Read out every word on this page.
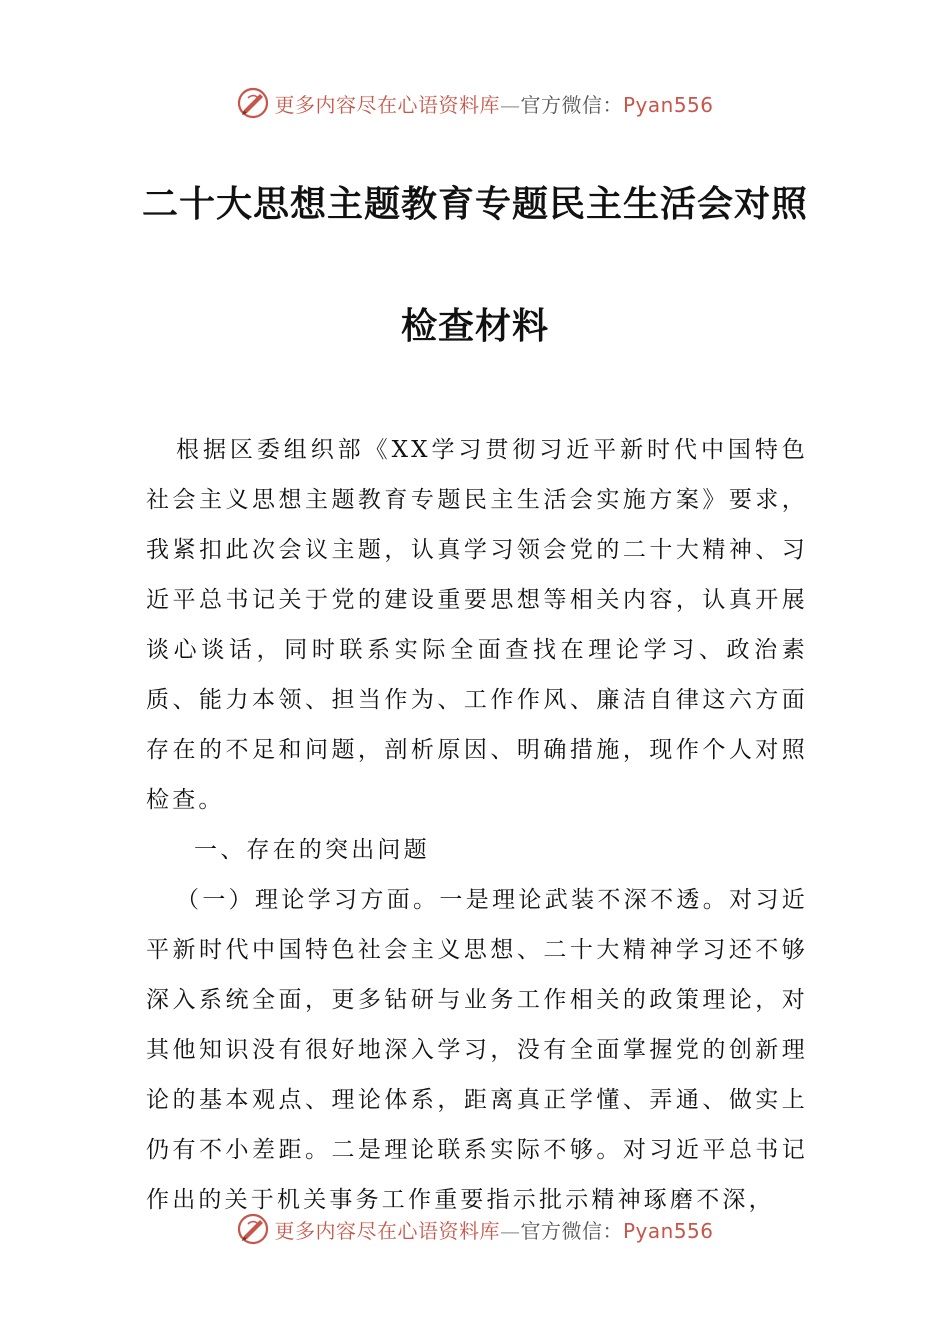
更多内容尽在心语资料库—官方微信：Pyan556
二十大思想主题教育专题民主生活会对照
检查材料

根据区委组织部《XX学习贯彻习近平新时代中国特色社会主义思想主题教育专题民主生活会实施方案》要求，我紧扣此次会议主题，认真学习领会党的二十大精神、习近平总书记关于党的建设重要思想等相关内容，认真开展谈心谈话，同时联系实际全面查找在理论学习、政治素质、能力本领、担当作为、工作作风、廉洁自律这六方面存在的不足和问题，剖析原因、明确措施，现作个人对照检查。

一、存在的突出问题

（一）理论学习方面。一是理论武装不深不透。对习近平新时代中国特色社会主义思想、二十大精神学习还不够深入系统全面，更多钻研与业务工作相关的政策理论，对其他知识没有很好地深入学习，没有全面掌握党的创新理论的基本观点、理论体系，距离真正学懂、弄通、做实上仍有不小差距。二是理论联系实际不够。对习近平总书记作出的关于机关事务工作重要指示批示精神琢磨不深，

更多内容尽在心语资料库—官方微信：Pyan556
